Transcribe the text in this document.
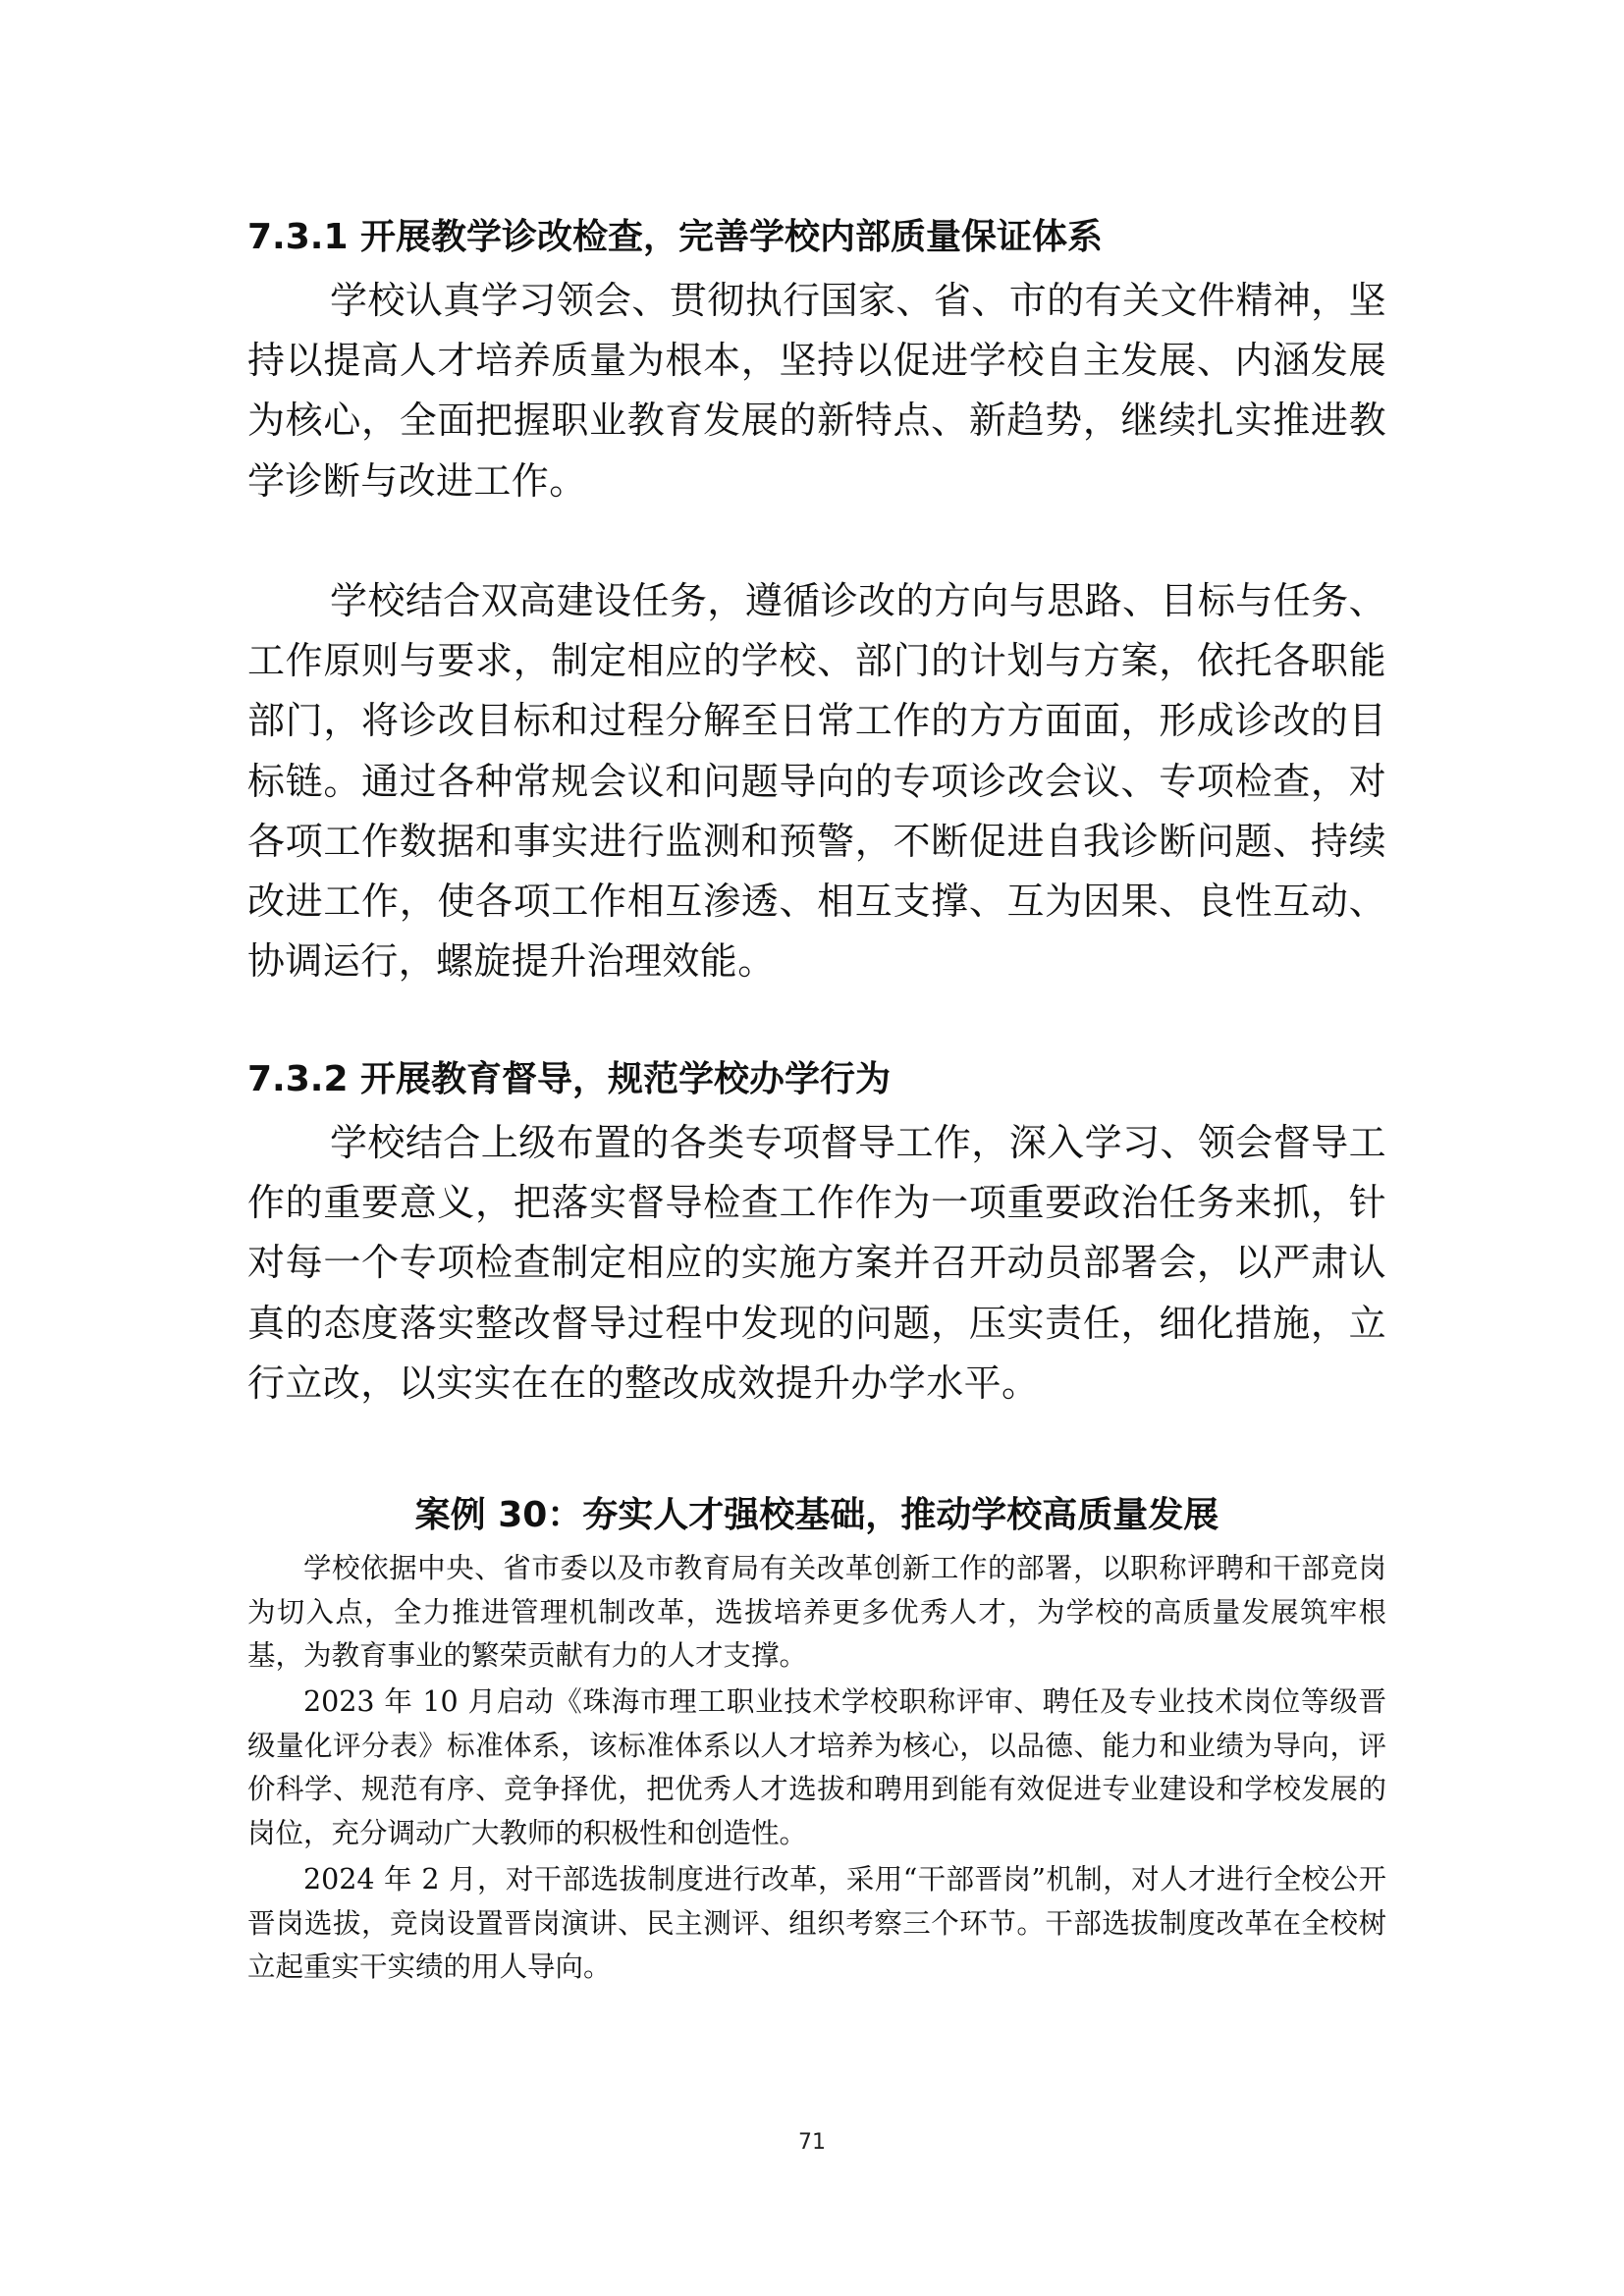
7.3.1 开展教学诊改检查，完善学校内部质量保证体系

学校认真学习领会、贯彻执行国家、省、市的有关文件精神，坚持以提高人才培养质量为根本，坚持以促进学校自主发展、内涵发展为核心，全面把握职业教育发展的新特点、新趋势，继续扎实推进教学诊断与改进工作。

学校结合双高建设任务，遵循诊改的方向与思路、目标与任务、工作原则与要求，制定相应的学校、部门的计划与方案，依托各职能部门，将诊改目标和过程分解至日常工作的方方面面，形成诊改的目标链。通过各种常规会议和问题导向的专项诊改会议、专项检查，对各项工作数据和事实进行监测和预警，不断促进自我诊断问题、持续改进工作，使各项工作相互渗透、相互支撑、互为因果、良性互动、协调运行，螺旋提升治理效能。

7.3.2 开展教育督导，规范学校办学行为

学校结合上级布置的各类专项督导工作，深入学习、领会督导工作的重要意义，把落实督导检查工作作为一项重要政治任务来抓，针对每一个专项检查制定相应的实施方案并召开动员部署会，以严肃认真的态度落实整改督导过程中发现的问题，压实责任，细化措施，立行立改，以实实在在的整改成效提升办学水平。

案例 30：夯实人才强校基础，推动学校高质量发展

学校依据中央、省市委以及市教育局有关改革创新工作的部署，以职称评聘和干部竞岗为切入点，全力推进管理机制改革，选拔培养更多优秀人才，为学校的高质量发展筑牢根基，为教育事业的繁荣贡献有力的人才支撑。

2023 年 10 月启动《珠海市理工职业技术学校职称评审、聘任及专业技术岗位等级晋级量化评分表》标准体系，该标准体系以人才培养为核心，以品德、能力和业绩为导向，评价科学、规范有序、竞争择优，把优秀人才选拔和聘用到能有效促进专业建设和学校发展的岗位，充分调动广大教师的积极性和创造性。

2024 年 2 月，对干部选拔制度进行改革，采用“干部晋岗”机制，对人才进行全校公开晋岗选拔，竞岗设置晋岗演讲、民主测评、组织考察三个环节。干部选拔制度改革在全校树立起重实干实绩的用人导向。

71
